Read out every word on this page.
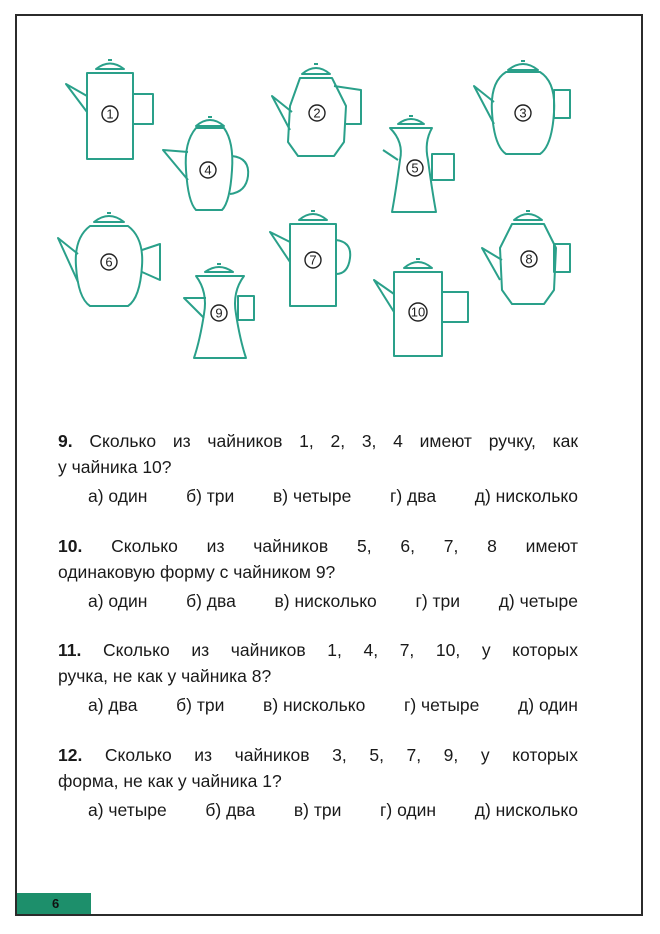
1	2	3
4	5
6	7	8
9	10
9. Сколько из чайников 1, 2, 3, 4 имеют ручку, как
у чайника 10?
а) один б) три в) четыре г) два д) нисколько
10. Сколько из чайников 5, 6, 7, 8 имеют
одинаковую форму с чайником 9?
а) один б) два в) нисколько г) три д) четыре
11. Сколько из чайников 1, 4, 7, 10, у которых
ручка, не как у чайника 8?
а) два б) три в) нисколько г) четыре д) один
12. Сколько из чайников 3, 5, 7, 9, у которых
форма, не как у чайника 1?
а) четыре б) два в) три г) один д) нисколько
6
